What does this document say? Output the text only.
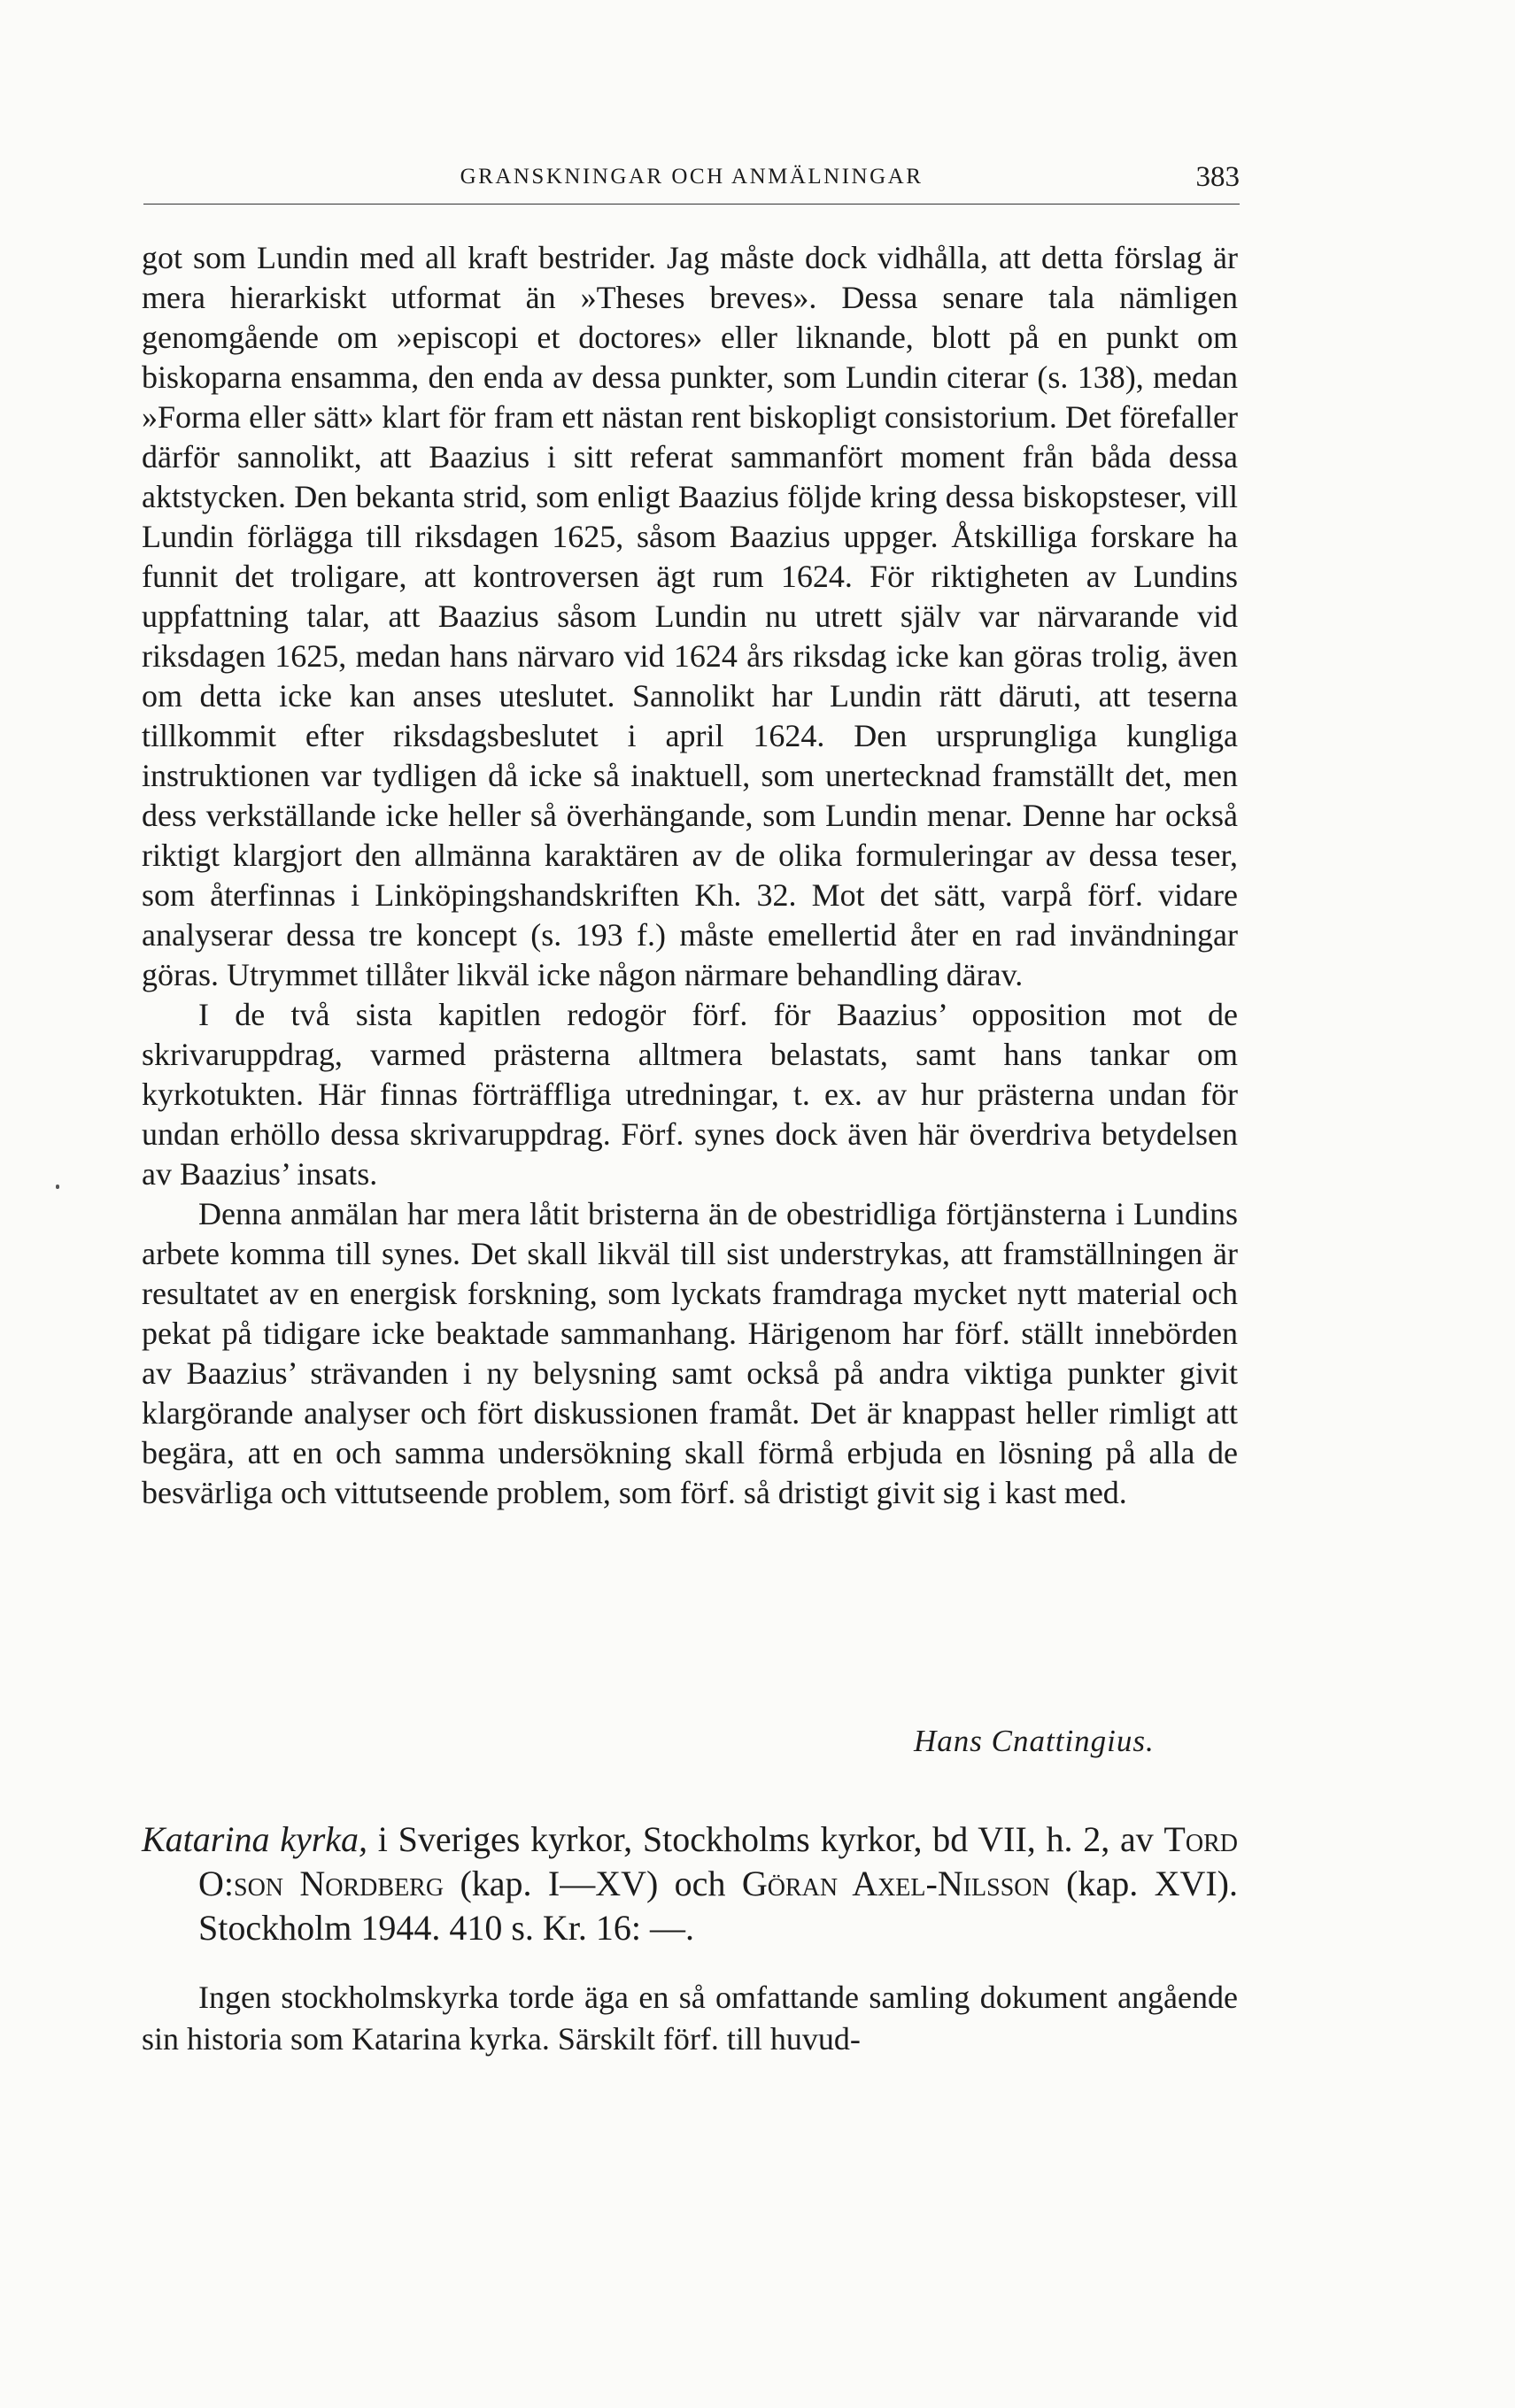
GRANSKNINGAR OCH ANMÄLNINGAR	383

got som Lundin med all kraft bestrider. Jag måste dock vidhålla, att detta förslag är mera hierarkiskt utformat än »Theses breves». Dessa senare tala nämligen genomgående om »episcopi et doctores» eller liknande, blott på en punkt om biskoparna ensamma, den enda av dessa punkter, som Lundin citerar (s. 138), medan »Forma eller sätt» klart för fram ett nästan rent biskopligt consistorium. Det förefaller därför sannolikt, att Baazius i sitt referat sammanfört moment från båda dessa aktstycken. Den bekanta strid, som enligt Baazius följde kring dessa biskopsteser, vill Lundin förlägga till riksdagen 1625, såsom Baazius uppger. Åtskilliga forskare ha funnit det troligare, att kontroversen ägt rum 1624. För riktigheten av Lundins uppfattning talar, att Baazius såsom Lundin nu utrett själv var närvarande vid riksdagen 1625, medan hans närvaro vid 1624 års riksdag icke kan göras trolig, även om detta icke kan anses uteslutet. Sannolikt har Lundin rätt däruti, att teserna tillkommit efter riksdagsbeslutet i april 1624. Den ursprungliga kungliga instruktionen var tydligen då icke så inaktuell, som unertecknad framställt det, men dess verkställande icke heller så överhängande, som Lundin menar. Denne har också riktigt klargjort den allmänna karaktären av de olika formuleringar av dessa teser, som återfinnas i Linköpingshandskriften Kh. 32. Mot det sätt, varpå förf. vidare analyserar dessa tre koncept (s. 193 f.) måste emellertid åter en rad invändningar göras. Utrymmet tillåter likväl icke någon närmare behandling därav.

I de två sista kapitlen redogör förf. för Baazius’ opposition mot de skrivaruppdrag, varmed prästerna alltmera belastats, samt hans tankar om kyrkotukten. Här finnas förträffliga utredningar, t. ex. av hur prästerna undan för undan erhöllo dessa skrivaruppdrag. Förf. synes dock även här överdriva betydelsen av Baazius’ insats.

Denna anmälan har mera låtit bristerna än de obestridliga förtjänsterna i Lundins arbete komma till synes. Det skall likväl till sist understrykas, att framställningen är resultatet av en energisk forskning, som lyckats framdraga mycket nytt material och pekat på tidigare icke beaktade sammanhang. Härigenom har förf. ställt innebörden av Baazius’ strävanden i ny belysning samt också på andra viktiga punkter givit klargörande analyser och fört diskussionen framåt. Det är knappast heller rimligt att begära, att en och samma undersökning skall förmå erbjuda en lösning på alla de besvärliga och vittutseende problem, som förf. så dristigt givit sig i kast med.

Hans Cnattingius.

Katarina kyrka, i Sveriges kyrkor, Stockholms kyrkor, bd VII, h. 2, av Tord O:son Nordberg (kap. I—XV) och Göran Axel-Nilsson (kap. XVI). Stockholm 1944. 410 s. Kr. 16: —.

Ingen stockholmskyrka torde äga en så omfattande samling dokument angående sin historia som Katarina kyrka. Särskilt förf. till huvud-
